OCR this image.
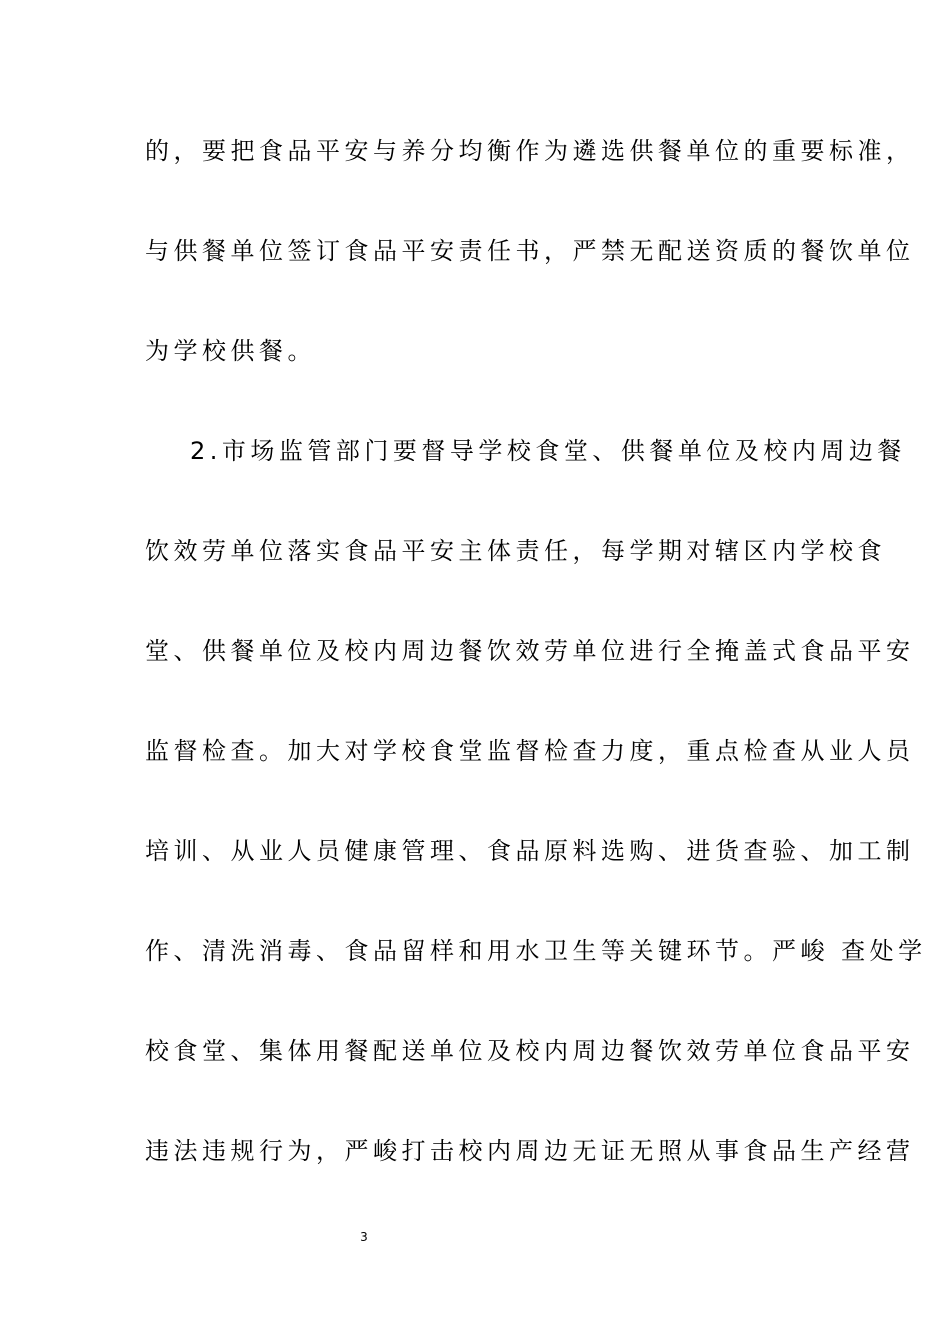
的，要把食品平安与养分均衡作为遴选供餐单位的重要标准，
与供餐单位签订食品平安责任书，严禁无配送资质的餐饮单位
为学校供餐。
2.市场监管部门要督导学校食堂、供餐单位及校内周边餐
饮效劳单位落实食品平安主体责任，每学期对辖区内学校食
堂、供餐单位及校内周边餐饮效劳单位进行全掩盖式食品平安
监督检查。加大对学校食堂监督检查力度，重点检查从业人员
培训、从业人员健康管理、食品原料选购、进货查验、加工制
作、清洗消毒、食品留样和用水卫生等关键环节。严峻 查处学
校食堂、集体用餐配送单位及校内周边餐饮效劳单位食品平安
违法违规行为，严峻打击校内周边无证无照从事食品生产经营
3
